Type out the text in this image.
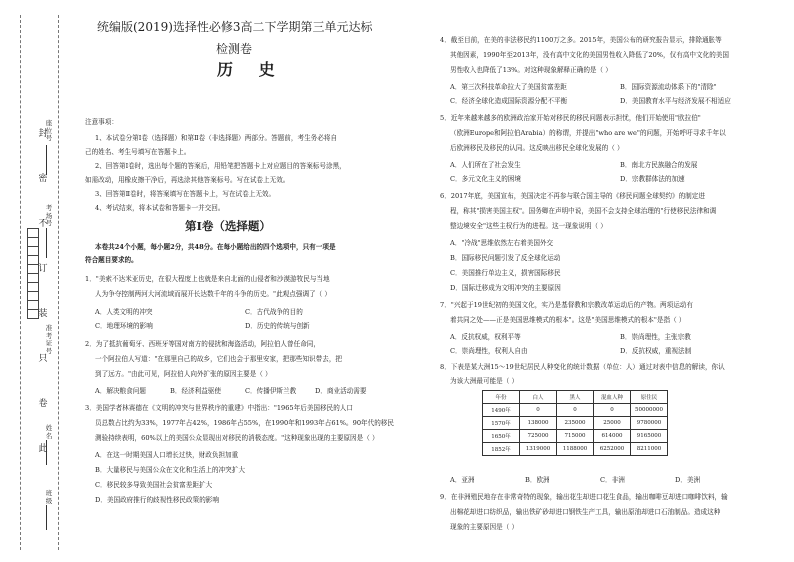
封
密
不
订
装
只
卷
此
座位号
考场号
准考证号
姓名
班级
统编版(2019)选择性必修3高二下学期第三单元达标
检测卷
历 史
注意事项：
1、本试卷分第Ⅰ卷（选择题）和第Ⅱ卷（非选择题）两部分。答题前，考生务必将自
己的姓名、考生号填写在答题卡上。
2、回答第Ⅰ卷时，选出每个题的答案后，用铅笔把答题卡上对应题目的答案标号涂黑，
如需改动，用橡皮擦干净后，再选涂其他答案标号。写在试卷上无效。
3、回答第Ⅱ卷时，将答案填写在答题卡上，写在试卷上无效。
4、考试结束，将本试卷和答题卡一并交回。
第Ⅰ卷（选择题）
本卷共24个小题，每小题2分，共48分。在每小题给出的四个选项中，只有一项是
符合题目要求的。
1．"美索不达米亚历史，在很大程度上也就是来自北面的山侵者和沙漠游牧民与当地
人为争夺控制两河大河流域而展开长达数千年的斗争的历史。"此观点强调了（ ）
A．人类文明的冲突	C．古代战争的目的
C．地理环境的影响	D．历史的传统与创新
2．为了抵抗葡萄牙、西班牙等国对南方的侵扰和海盗活动，阿拉伯人曾任命同，
一个阿拉伯人写道："在那里自己的故乡，它们也会于那里安家，把那些知识带去，把
到了远方。"由此可见，阿拉伯人向外扩张的原因主要是（ ）
A．解决粮食问题	B．经济利益驱使	C．传播伊斯兰教	D．商业活动需要
3．美国学者林赛德在《文明的冲突与世界秩序的重建》中指出："1965年后美国移民的人口
员总数占比约为33%，1977年占42%，1986年占55%，在1990年和1993年占61%。90年代的移民
测验持续表明，60%以上的美国公众显现出对移民的消极态度。"这种现象出现的主要原因是（ ）
A．在这一时期美国人口增长过快，财政负担加重
B．大量移民与美国公众在文化和生活上的冲突扩大
C．移民较多导致美国社会贫富差距扩大
D．美国政府推行的歧视性移民政策的影响
4．截至目前，在美的非法移民约1100万之多。2015年，美国公布的研究报告显示，排除通胀等
其他因素，1990年至2013年，没有高中文化的美国男性收入降低了20%，仅有高中文化的美国
男性收入也降低了13%。对这种现象解释正确的是（ ）
A．第三次科技革命拉大了美国贫富差距	B．国际资源流动体系下的"清除"
C．经济全球化造成国际资源分配不平衡	D．美国教育水平与经济发展不相适应
5．近年来越来越多的欧洲政治家开始对移民的移民问题表示担忧，他们开始使用"欧拉伯"
（欧洲Europe和阿拉伯Arabia）的称谓，并提出"who are we"的问题，开始呼吁寻求千年以
后欧洲移民及移民的认同。这反映出移民全球化发展的（ ）
A．人们所在了社会发生	B．南北方民族融合的发展
C．多元文化主义的困境	D．宗教群体法的加速
6．2017年底，美国宣布，美国决定不再参与联合国主导的《移民问题全球契约》的制定进
程，称其"损害美国主权"。国务卿在声明中说，美国不会支持全球治理的"行使移民法律和调
整边境安全"这些主权行为的进程。这一现象说明（ ）
A．"冷战"思维依然左右着美国外交
B．国际移民问题引发了反全球化运动
C．美国推行单边主义，损害国际移民
D．国际迁移成为文明冲突的主要原因
7．"兴起于19世纪初的美国文化，实乃是基督教和宗教改革运动后的产物。两项运动有
着共同之处——正是美国思维模式的根本"。这是"美国思维模式的根本"是指（ ）
A．反抗权威，权利平等	B．崇尚理性，主张宗教
C．崇尚理性，权利人自由	D．反抗权威，重视法制
8．下表是某大洲15～19世纪居民人种变化的统计数据（单位：人）通过对表中信息的解读，你认
为该大洲最可能是（ ）
年份	白人	黑人	混血人种	原住民
1490年	0	0	0	50000000
1570年	138000	235000	25000	9780000
1650年	725000	715000	614000	9165000
1852年	1319000	1188000	6252000	8211000
A．亚洲	B．欧洲	C．非洲	D．美洲
9．在非洲殖民地存在非常奇特的现象，输出花生却进口花生食品，输出咖啡豆却进口咖啡饮料，输
出棉花却进口纺织品，输出铁矿砂却进口钢铁生产工具，输出原油却进口石油制品。造成这种
现象的主要原因是（ ）
